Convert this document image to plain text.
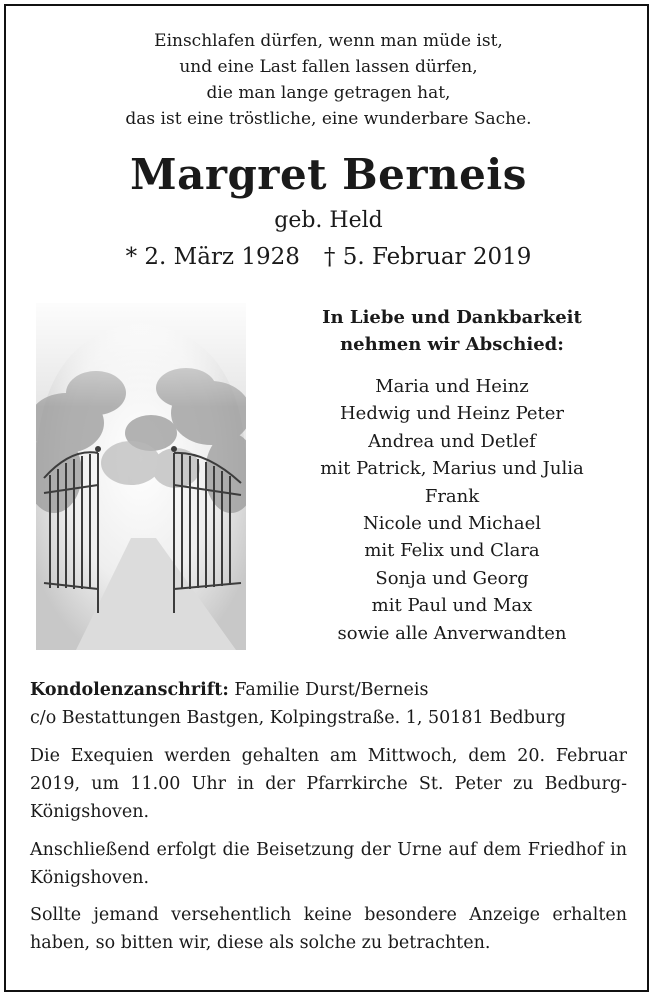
Einschlafen dürfen, wenn man müde ist,
und eine Last fallen lassen dürfen,
die man lange getragen hat,
das ist eine tröstliche, eine wunderbare Sache.
Margret Berneis
geb. Held
* 2. März 1928 † 5. Februar 2019
In Liebe und Dankbarkeit
nehmen wir Abschied:
Maria und Heinz
Hedwig und Heinz Peter
Andrea und Detlef
mit Patrick, Marius und Julia
Frank
Nicole und Michael
mit Felix und Clara
Sonja und Georg
mit Paul und Max
sowie alle Anverwandten
Kondolenzanschrift: Familie Durst/Berneis
c/o Bestattungen Bastgen, Kolpingstraße. 1, 50181 Bedburg
Die Exequien werden gehalten am Mittwoch, dem 20. Februar 2019, um 11.00 Uhr in der Pfarrkirche St. Peter zu Bedburg-Königshoven.
Anschließend erfolgt die Beisetzung der Urne auf dem Friedhof in Königshoven.
Sollte jemand versehentlich keine besondere Anzeige erhalten haben, so bitten wir, diese als solche zu betrachten.
